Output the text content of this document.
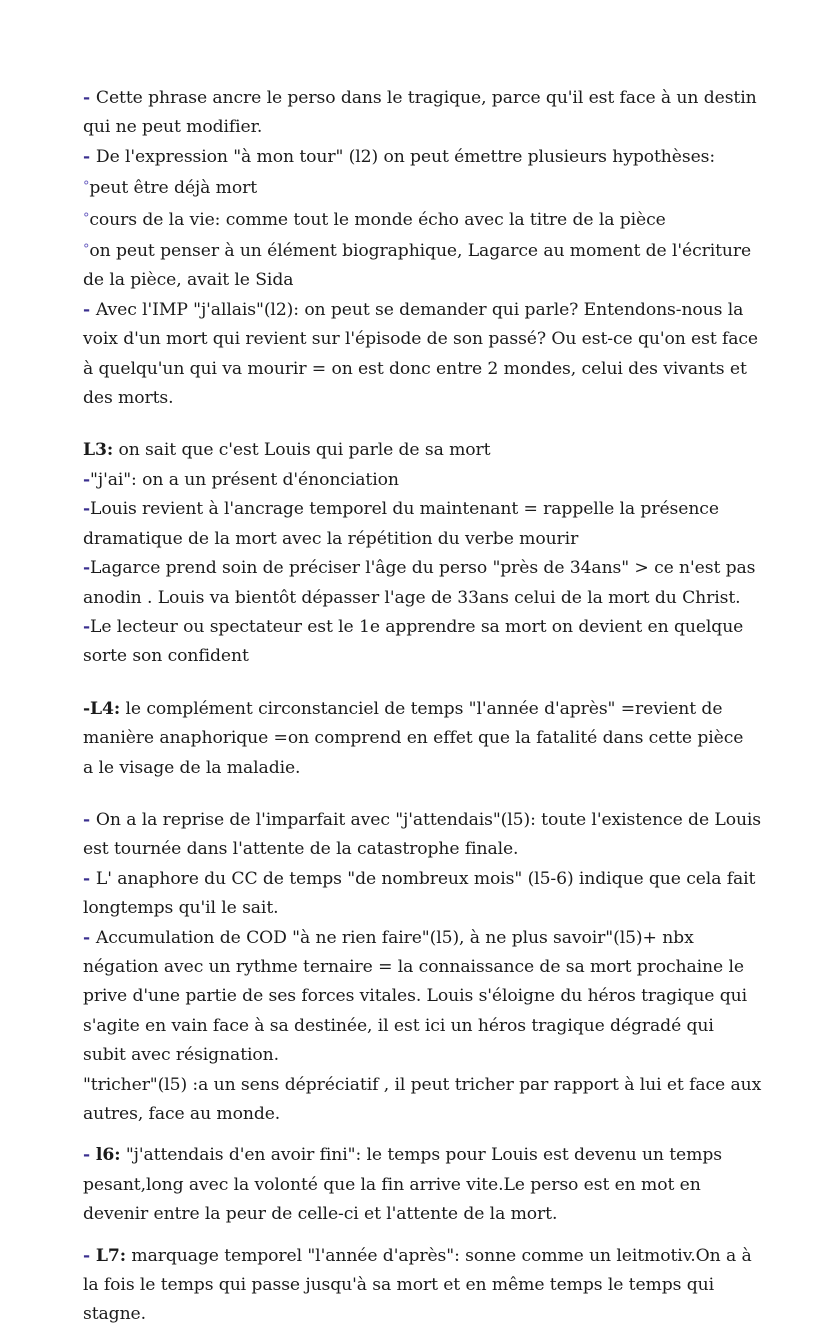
- Cette phrase ancre le perso dans le tragique, parce qu'il est face à un destin
qui ne peut modifier.
- De l'expression "à mon tour" (l2) on peut émettre plusieurs hypothèses:
°peut être déjà mort
°cours de la vie: comme tout le monde écho avec la titre de la pièce
°on peut penser à un élément biographique, Lagarce au moment de l'écriture
de la pièce, avait le Sida
- Avec l'IMP "j'allais"(l2): on peut se demander qui parle? Entendons-nous la
voix d'un mort qui revient sur l'épisode de son passé? Ou est-ce qu'on est face
à quelqu'un qui va mourir = on est donc entre 2 mondes, celui des vivants et
des morts.
L3: on sait que c'est Louis qui parle de sa mort
-"j'ai": on a un présent d'énonciation
-Louis revient à l'ancrage temporel du maintenant = rappelle la présence
dramatique de la mort avec la répétition du verbe mourir
-Lagarce prend soin de préciser l'âge du perso "près de 34ans" > ce n'est pas
anodin . Louis va bientôt dépasser l'age de 33ans celui de la mort du Christ.
-Le lecteur ou spectateur est le 1e apprendre sa mort on devient en quelque
sorte son confident
-L4: le complément circonstanciel de temps "l'année d'après" =revient de
manière anaphorique =on comprend en effet que la fatalité dans cette pièce
a le visage de la maladie.
- On a la reprise de l'imparfait avec "j'attendais"(l5): toute l'existence de Louis
est tournée dans l'attente de la catastrophe finale.
- L' anaphore du CC de temps "de nombreux mois" (l5-6) indique que cela fait
longtemps qu'il le sait.
- Accumulation de COD "à ne rien faire"(l5), à ne plus savoir"(l5)+ nbx
négation avec un rythme ternaire = la connaissance de sa mort prochaine le
prive d'une partie de ses forces vitales. Louis s'éloigne du héros tragique qui
s'agite en vain face à sa destinée, il est ici un héros tragique dégradé qui
subit avec résignation.
"tricher"(l5) :a un sens dépréciatif , il peut tricher par rapport à lui et face aux
autres, face au monde.
- l6: "j'attendais d'en avoir fini": le temps pour Louis est devenu un temps
pesant,long avec la volonté que la fin arrive vite.Le perso est en mot en
devenir entre la peur de celle-ci et l'attente de la mort.
- L7: marquage temporel "l'année d'après": sonne comme un leitmotiv.On a à
la fois le temps qui passe jusqu'à sa mort et en même temps le temps qui
stagne.
